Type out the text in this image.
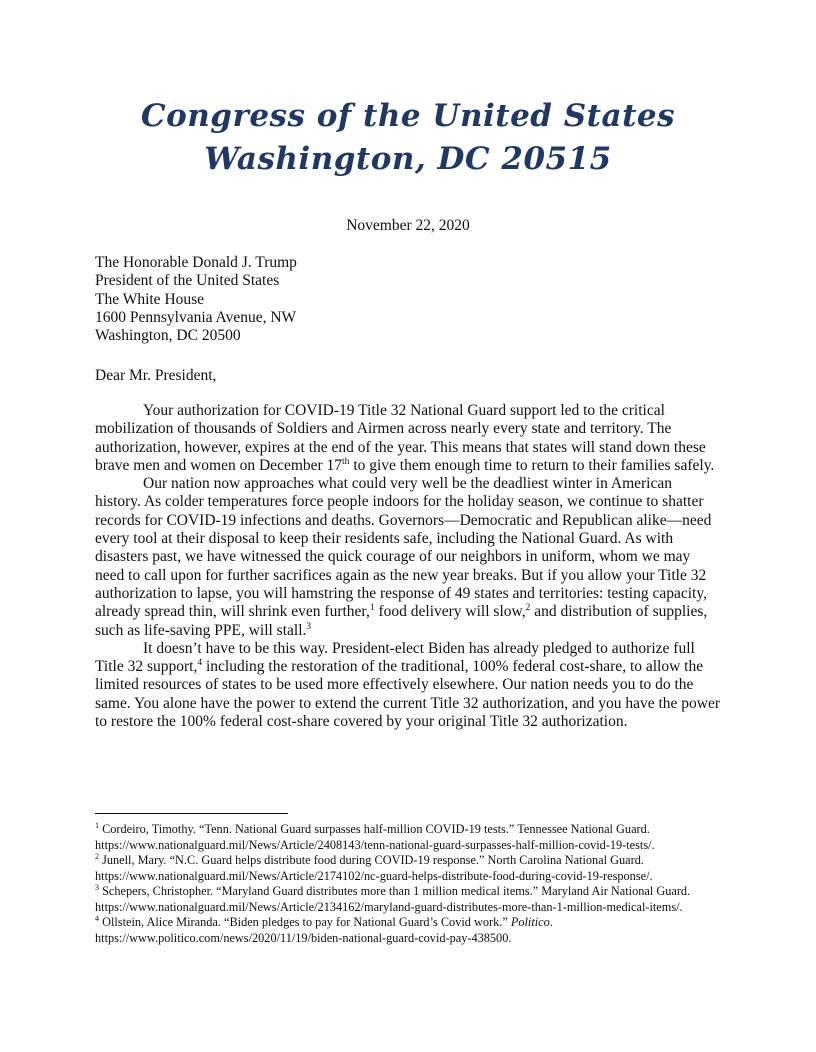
Congress of the United States
Washington, DC 20515
November 22, 2020
The Honorable Donald J. Trump
President of the United States
The White House
1600 Pennsylvania Avenue, NW
Washington, DC 20500
Dear Mr. President,

Your authorization for COVID-19 Title 32 National Guard support led to the critical mobilization of thousands of Soldiers and Airmen across nearly every state and territory. The authorization, however, expires at the end of the year. This means that states will stand down these brave men and women on December 17th to give them enough time to return to their families safely.

Our nation now approaches what could very well be the deadliest winter in American history. As colder temperatures force people indoors for the holiday season, we continue to shatter records for COVID-19 infections and deaths. Governors—Democratic and Republican alike—need every tool at their disposal to keep their residents safe, including the National Guard. As with disasters past, we have witnessed the quick courage of our neighbors in uniform, whom we may need to call upon for further sacrifices again as the new year breaks. But if you allow your Title 32 authorization to lapse, you will hamstring the response of 49 states and territories: testing capacity, already spread thin, will shrink even further,$^1$ food delivery will slow,$^2$ and distribution of supplies, such as life-saving PPE, will stall.$^3$

It doesn’t have to be this way. President-elect Biden has already pledged to authorize full Title 32 support,$^4$ including the restoration of the traditional, 100% federal cost-share, to allow the limited resources of states to be used more effectively elsewhere. Our nation needs you to do the same. You alone have the power to extend the current Title 32 authorization, and you have the power to restore the 100% federal cost-share covered by your original Title 32 authorization.

$^1$ Cordeiro, Timothy. “Tenn. National Guard surpasses half-million COVID-19 tests.” Tennessee National Guard. https://www.nationalguard.mil/News/Article/2408143/tenn-national-guard-surpasses-half-million-covid-19-tests/.

$^2$ Junell, Mary. “N.C. Guard helps distribute food during COVID-19 response.” North Carolina National Guard. https://www.nationalguard.mil/News/Article/2174102/nc-guard-helps-distribute-food-during-covid-19-response/.

$^3$ Schepers, Christopher. “Maryland Guard distributes more than 1 million medical items.” Maryland Air National Guard. https://www.nationalguard.mil/News/Article/2134162/maryland-guard-distributes-more-than-1-million-medical-items/.

$^4$ Ollstein, Alice Miranda. “Biden pledges to pay for National Guard’s Covid work.” Politico. https://www.politico.com/news/2020/11/19/biden-national-guard-covid-pay-438500.
